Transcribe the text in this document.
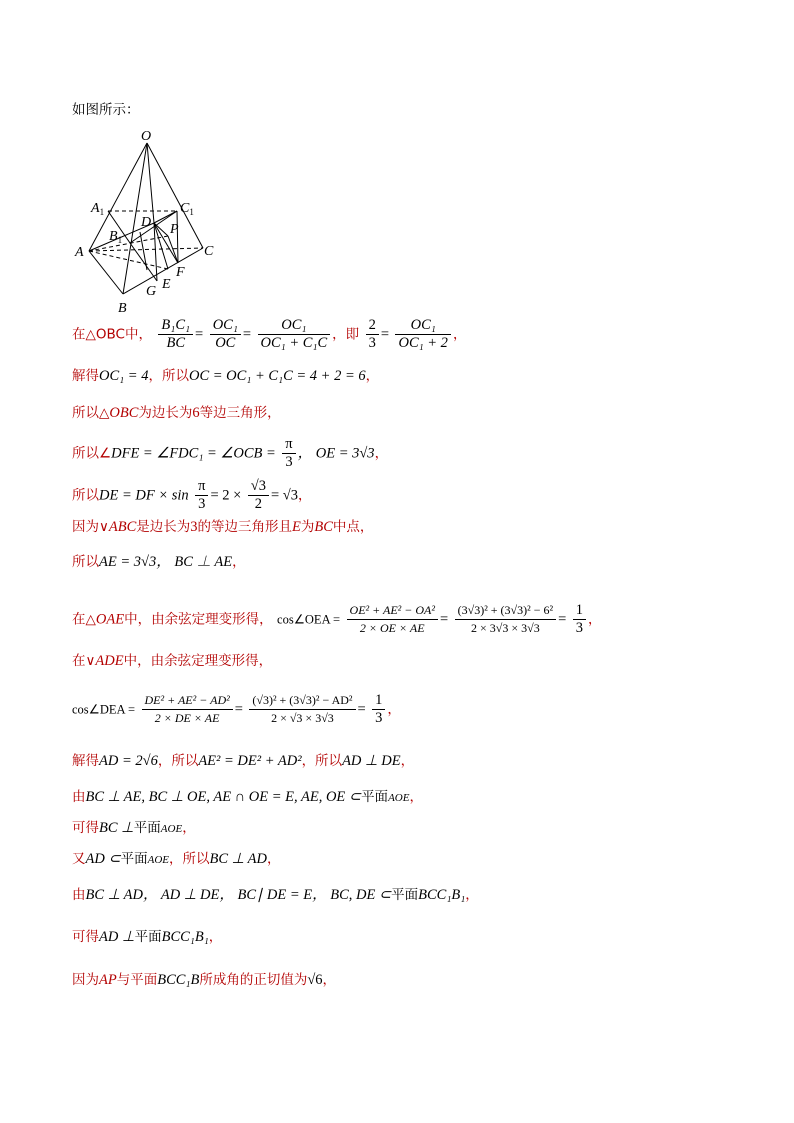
如图所示：
O
$A_1$	$C_1$
$B_1$
D P
A	C
G E
F
B
在△OBC中， $\frac{\text{B₁C₁}}{BC} = \frac{\text{OC₁}}{OC} = \frac{\text{OC₁}}{\text{OC₁ + C₁C}}$ ，即 $\frac{2}{3} = \frac{\text{OC₁}}{\text{OC₁ + 2}}$ ，
解得OC₁ = 4，所以OC = OC₁ + C₁C = 4 + 2 = 6，
所以△OBC为边长为6等边三角形，
所以∠DFE = ∠FDC₁ = ∠OCB = $\frac{\pi}{3}$ ， OE = 3√3，
所以DE = DF × $\sin \frac{\pi}{3} = 2 \times \frac{√3}{2} = √3$，
因为∨ABC是边长为3的等边三角形且E为BC中点，
所以AE = 3√3， BC ⊥ AE，
在△OAE中，由余弦定理变形得， cos∠OEA = $\frac{\text{OE² + AE² − OA²}}{2 \times OE \times AE} = \frac{\text{(3√3)² + (3√3)² − 6²}}{2 \times 3√3 \times 3√3} = \frac{1}{3}$ ，
在∨ADE中，由余弦定理变形得，
cos∠DEA = $\frac{\text{DE² + AE² − AD²}}{2 \times DE \times AE} = \frac{\text{(√3)² + (3√3)² − AD²}}{2 \times √3 \times 3√3} = \frac{1}{3}$ ，
解得AD = 2√6，所以AE² = DE² + AD²，所以AD ⊥ DE，
由BC ⊥ AE, BC ⊥ OE, AE ∩ OE = E, AE, OE ⊂平面AOE，
可得BC ⊥平面AOE，
又AD ⊂平面AOE，所以BC ⊥ AD，
由BC ⊥ AD， AD ⊥ DE， BC∣ DE = E， BC, DE ⊂平面BCC₁B₁，
可得AD ⊥平面BCC₁B₁，
因为AP与平面BCC₁B所成角的正切值为√6，
